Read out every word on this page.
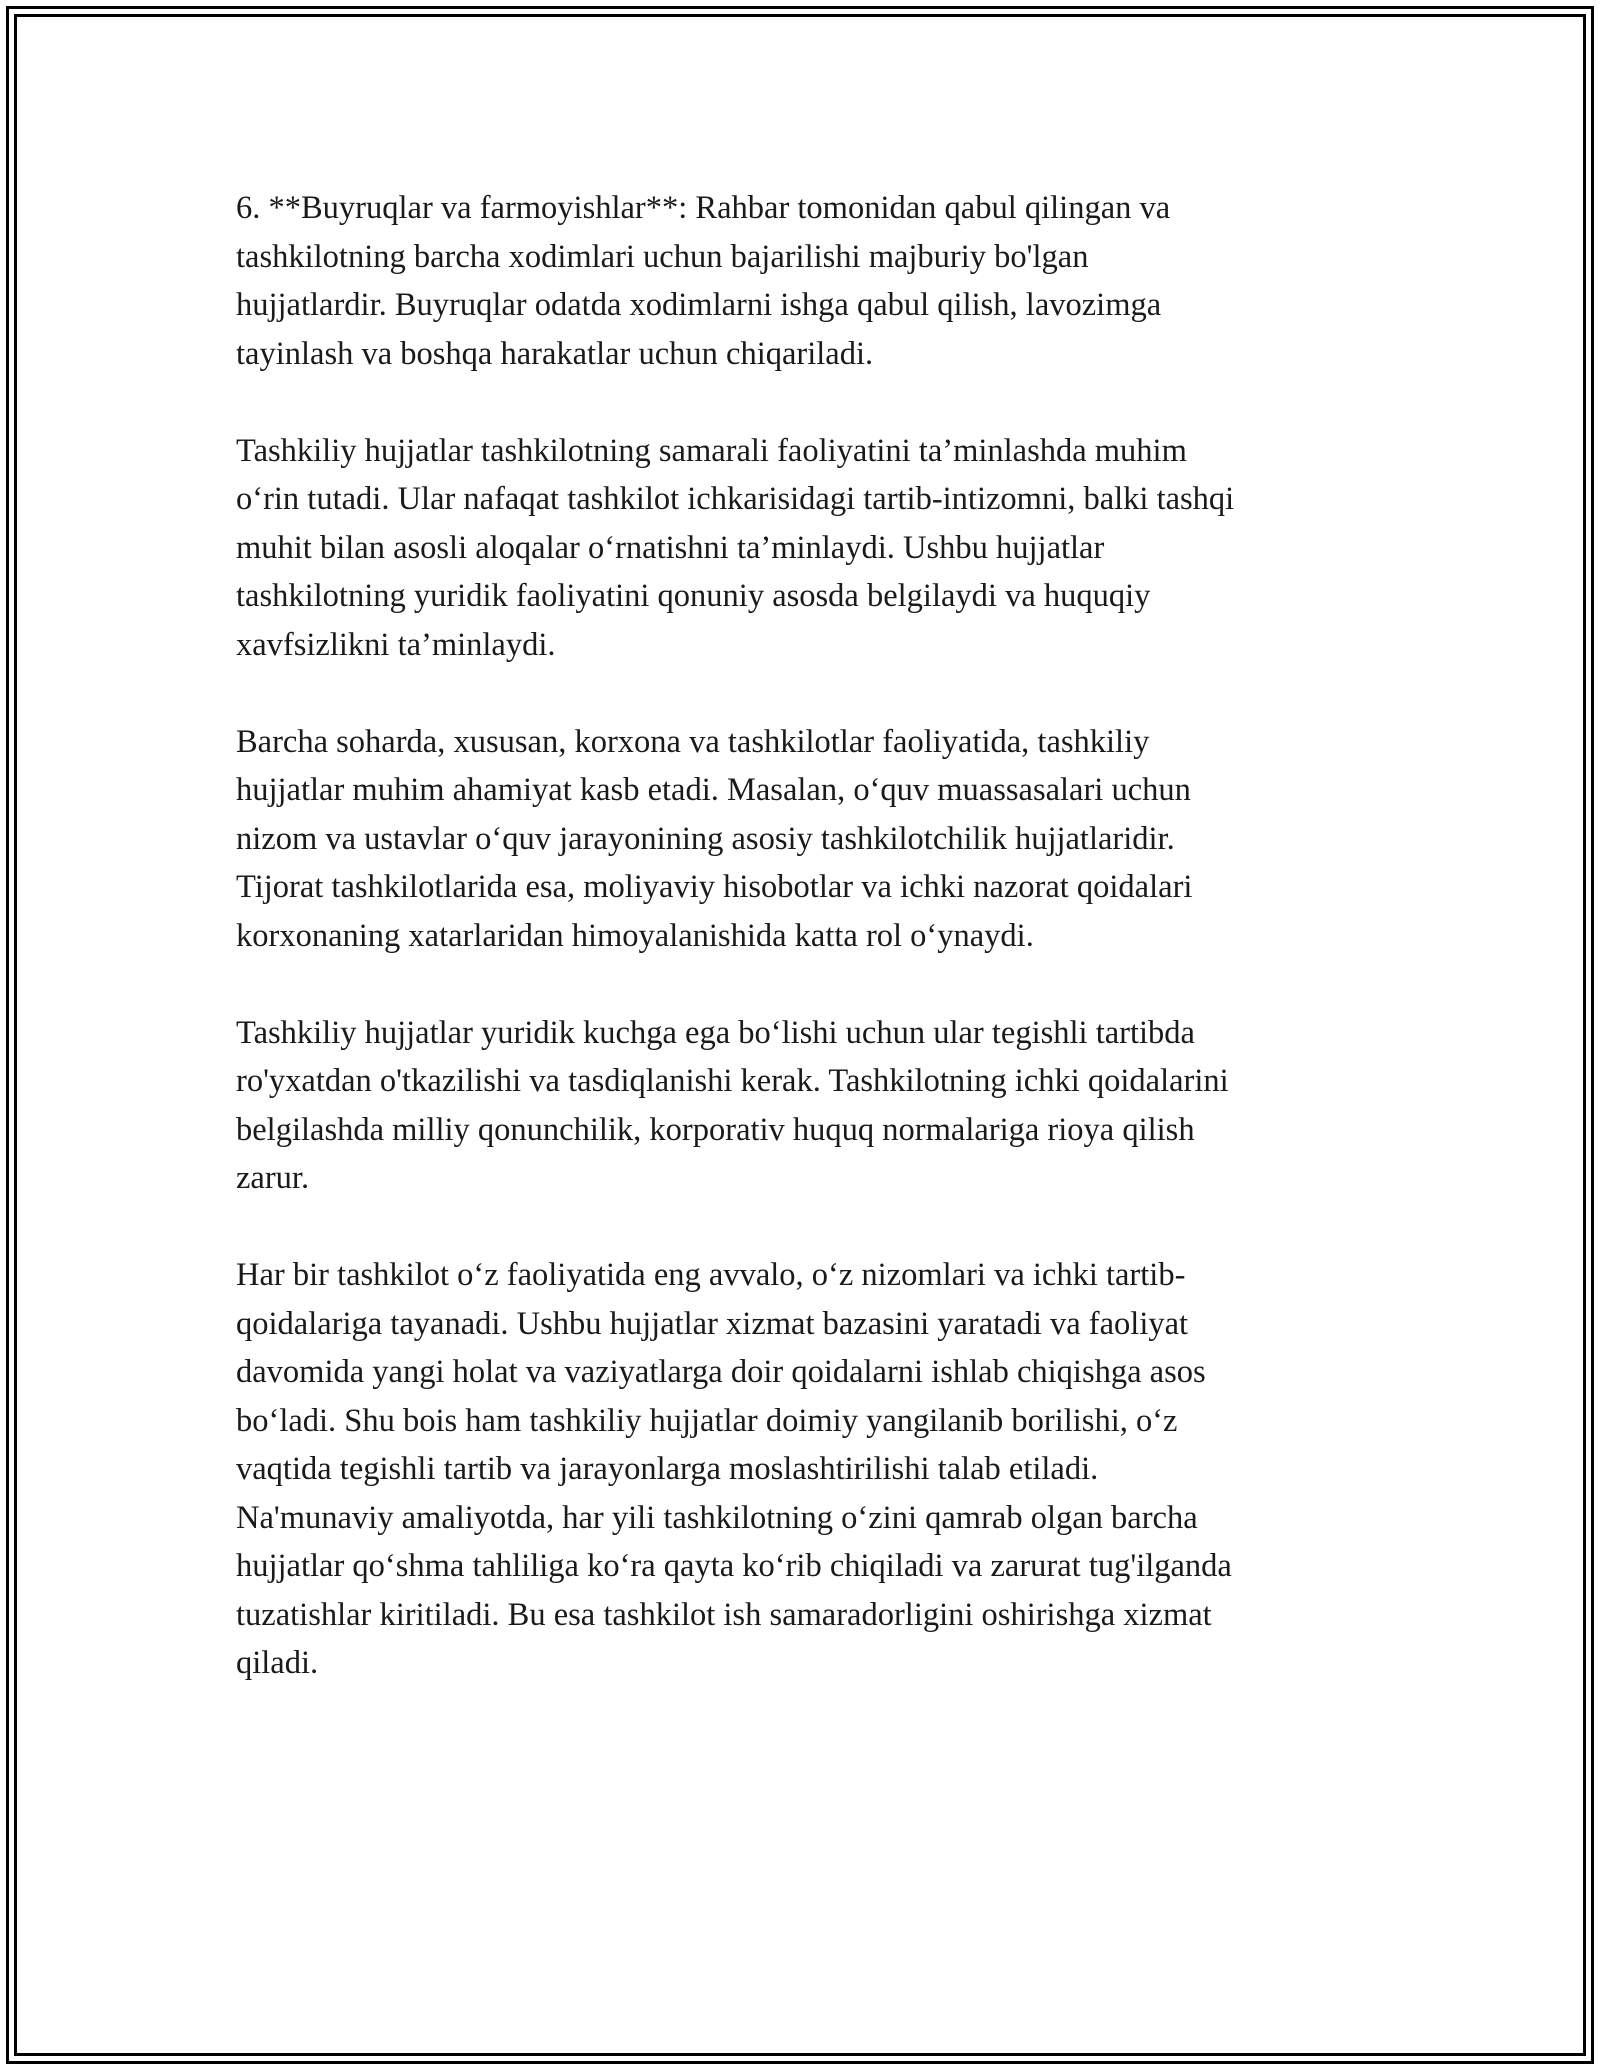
6. **Buyruqlar va farmoyishlar**: Rahbar tomonidan qabul qilingan va
tashkilotning barcha xodimlari uchun bajarilishi majburiy bo'lgan
hujjatlardir. Buyruqlar odatda xodimlarni ishga qabul qilish, lavozimga
tayinlash va boshqa harakatlar uchun chiqariladi.

Tashkiliy hujjatlar tashkilotning samarali faoliyatini ta’minlashda muhim
o‘rin tutadi. Ular nafaqat tashkilot ichkarisidagi tartib-intizomni, balki tashqi
muhit bilan asosli aloqalar o‘rnatishni ta’minlaydi. Ushbu hujjatlar
tashkilotning yuridik faoliyatini qonuniy asosda belgilaydi va huquqiy
xavfsizlikni ta’minlaydi.

Barcha soharda, xususan, korxona va tashkilotlar faoliyatida, tashkiliy
hujjatlar muhim ahamiyat kasb etadi. Masalan, o‘quv muassasalari uchun
nizom va ustavlar o‘quv jarayonining asosiy tashkilotchilik hujjatlaridir.
Tijorat tashkilotlarida esa, moliyaviy hisobotlar va ichki nazorat qoidalari
korxonaning xatarlaridan himoyalanishida katta rol o‘ynaydi.

Tashkiliy hujjatlar yuridik kuchga ega bo‘lishi uchun ular tegishli tartibda
ro'yxatdan o'tkazilishi va tasdiqlanishi kerak. Tashkilotning ichki qoidalarini
belgilashda milliy qonunchilik, korporativ huquq normalariga rioya qilish
zarur.

Har bir tashkilot o‘z faoliyatida eng avvalo, o‘z nizomlari va ichki tartib-
qoidalariga tayanadi. Ushbu hujjatlar xizmat bazasini yaratadi va faoliyat
davomida yangi holat va vaziyatlarga doir qoidalarni ishlab chiqishga asos
bo‘ladi. Shu bois ham tashkiliy hujjatlar doimiy yangilanib borilishi, o‘z
vaqtida tegishli tartib va jarayonlarga moslashtirilishi talab etiladi.
Na'munaviy amaliyotda, har yili tashkilotning o‘zini qamrab olgan barcha
hujjatlar qo‘shma tahliliga ko‘ra qayta ko‘rib chiqiladi va zarurat tug'ilganda
tuzatishlar kiritiladi. Bu esa tashkilot ish samaradorligini oshirishga xizmat
qiladi.
